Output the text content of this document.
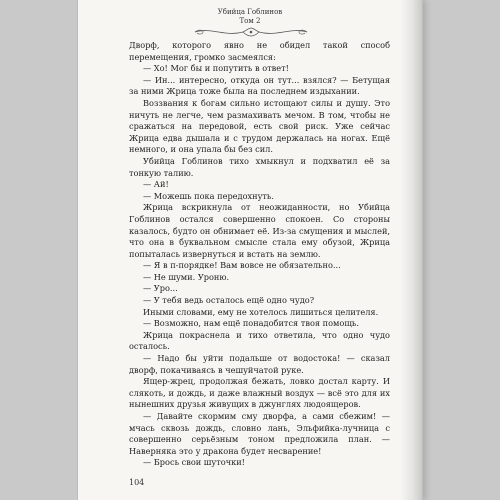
Убийца Гоблинов
Том 2

Дворф, которого явно не обидел такой способ перемещения, громко засмеялся:

— Хо! Мог бы и попутить в ответ!

— Ин... интересно, откуда он тут... взялся? — Бетущая за ними Жрица тоже была на последнем издыхании.

Воззвания к богам сильно истощают силы и душу. Это ничуть не легче, чем размахивать мечом. В том, чтобы не сражаться на передовой, есть свой риск. Уже сейчас Жрица едва дышала и с трудом держалась на ногах. Ещё немного, и она упала бы без сил.

Убийца Гоблинов тихо хмыкнул и подхватил её за тонкую талию.

— Ай!

— Можешь пока передохнуть.

Жрица вскрикнула от неожиданности, но Убийца Гоблинов остался совершенно спокоен. Со стороны казалось, будто он обнимает её. Из-за смущения и мыслей, что она в буквальном смысле стала ему обузой, Жрица попыталась извернуться и встать на землю.

— Я в п-порядке! Вам вовсе не обязательно...

— Не шуми. Уроню.

— Уро...

— У тебя ведь осталось ещё одно чудо?

Иными словами, ему не хотелось лишиться целителя.

— Возможно, нам ещё понадобится твоя помощь.

Жрица покраснела и тихо ответила, что одно чудо осталось.

— Надо бы уйти подальше от водостока! — сказал дворф, покачиваясь в чешуйчатой руке.

Ящер-жрец, продолжая бежать, ловко достал карту. И слякоть, и дождь, и даже влажный воздух — всё это для их нынешних друзья живущих в джунглях людоящеров.

— Давайте скормим сму дворфа, а сами сбежим! — мчась сквозь дождь, словно лань, Эльфийка-лучница с совершенно серьёзным тоном предложила план. — Наверняка это у дракона будет несварение!

— Брось свои шуточки!

104
